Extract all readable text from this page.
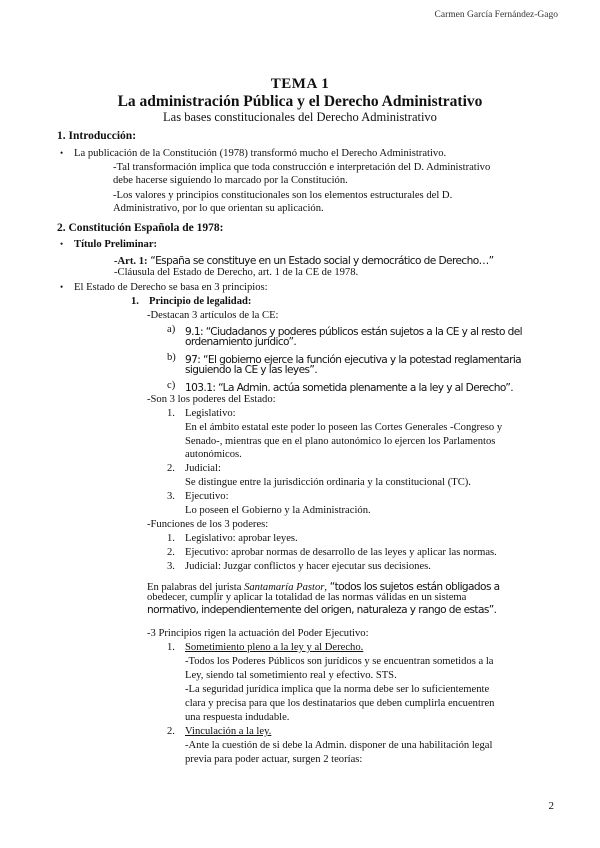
Carmen García Fernández-Gago
TEMA 1
La administración Pública y el Derecho Administrativo
Las bases constitucionales del Derecho Administrativo
1. Introducción:
• La publicación de la Constitución (1978) transformó mucho el Derecho Administrativo.
-Tal transformación implica que toda construcción e interpretación del D. Administrativo
debe hacerse siguiendo lo marcado por la Constitución.
-Los valores y principios constitucionales son los elementos estructurales del D.
Administrativo, por lo que orientan su aplicación.
2. Constitución Española de 1978:
• Título Preliminar:
-Art. 1: “España se constituye en un Estado social y democrático de Derecho…”
-Cláusula del Estado de Derecho, art. 1 de la CE de 1978.
• El Estado de Derecho se basa en 3 principios:
1. Principio de legalidad:
-Destacan 3 artículos de la CE:
a) 9.1: “Ciudadanos y poderes públicos están sujetos a la CE y al resto del
ordenamiento jurídico”.
b) 97: “El gobierno ejerce la función ejecutiva y la potestad reglamentaria
siguiendo la CE y las leyes”.
c) 103.1: “La Admin. actúa sometida plenamente a la ley y al Derecho”.
-Son 3 los poderes del Estado:
1. Legislativo:
En el ámbito estatal este poder lo poseen las Cortes Generales -Congreso y
Senado-, mientras que en el plano autonómico lo ejercen los Parlamentos
autonómicos.
2. Judicial:
Se distingue entre la jurisdicción ordinaria y la constitucional (TC).
3. Ejecutivo:
Lo poseen el Gobierno y la Administración.
-Funciones de los 3 poderes:
1. Legislativo: aprobar leyes.
2. Ejecutivo: aprobar normas de desarrollo de las leyes y aplicar las normas.
3. Judicial: Juzgar conflictos y hacer ejecutar sus decisiones.
En palabras del jurista Santamaría Pastor, “todos los sujetos están obligados a
obedecer, cumplir y aplicar la totalidad de las normas válidas en un sistema
normativo, independientemente del origen, naturaleza y rango de estas”.
-3 Principios rigen la actuación del Poder Ejecutivo:
1. Sometimiento pleno a la ley y al Derecho.
-Todos los Poderes Públicos son jurídicos y se encuentran sometidos a la
Ley, siendo tal sometimiento real y efectivo. STS.
-La seguridad jurídica implica que la norma debe ser lo suficientemente
clara y precisa para que los destinatarios que deben cumplirla encuentren
una respuesta indudable.
2. Vinculación a la ley.
-Ante la cuestión de si debe la Admin. disponer de una habilitación legal
previa para poder actuar, surgen 2 teorías:
2
